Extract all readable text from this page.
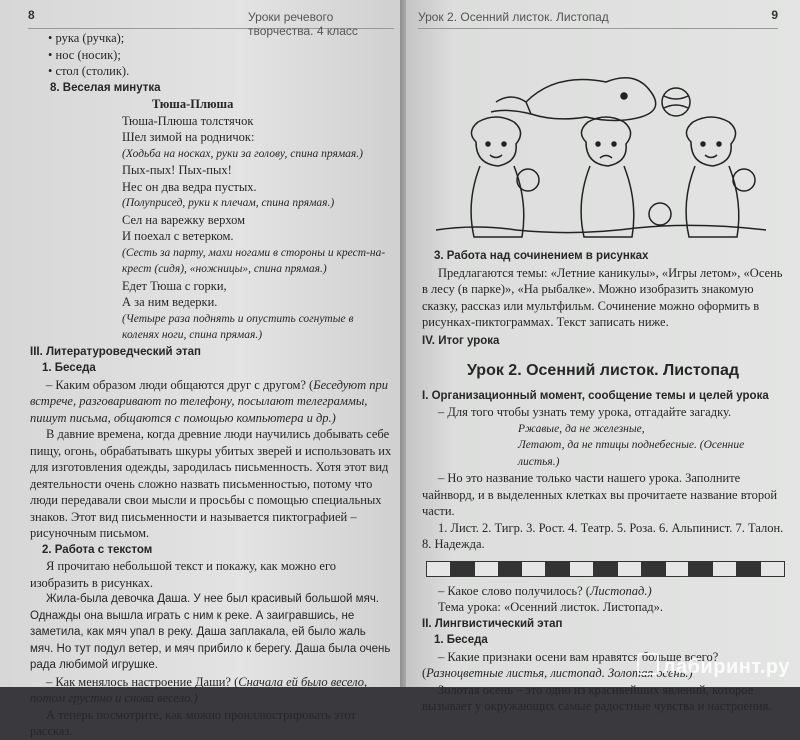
8	Уроки речевого творчества. 4 класс

• рука (ручка);

• нос (носик);

• стол (столик).

8. Веселая минутка

Тюша-Плюша

Тюша-Плюша толстячок

Шел зимой на родничок:

(Ходьба на носках, руки за голову, спина прямая.)

Пых-пых! Пых-пых!

Нес он два ведра пустых.

(Полуприсед, руки к плечам, спина прямая.)

Сел на варежку верхом

И поехал с ветерком.

(Сесть за парту, махи ногами в стороны и крест-на-крест (сидя), «ножницы», спина прямая.)

Едет Тюша с горки,

А за ним ведерки.

(Четыре раза поднять и опустить согнутые в коленях ноги, спина прямая.)

III. Литературоведческий этап

1. Беседа

– Каким образом люди общаются друг с другом? (Беседуют при встрече, разговаривают по телефону, посылают телеграммы, пишут письма, общаются с помощью компьютера и др.)

В давние времена, когда древние люди научились добывать себе пищу, огонь, обрабатывать шкуры убитых зверей и использовать их для изготовления одежды, зародилась письменность. Хотя этот вид деятельности очень сложно назвать письменностью, потому что люди передавали свои мысли и просьбы с помощью специальных знаков. Этот вид письменности и называется пиктографией – рисуночным письмом.

2. Работа с текстом

Я прочитаю небольшой текст и покажу, как можно его изобразить в рисунках.

Жила-была девочка Даша. У нее был красивый большой мяч. Однажды она вышла играть с ним к реке. А заигравшись, не заметила, как мяч упал в реку. Даша заплакала, ей было жаль мяч. Но тут подул ветер, и мяч прибило к берегу. Даша была очень рада любимой игрушке.

– Как менялось настроение Даши? (Сначала ей было весело, потом грустно и снова весело.)

А теперь посмотрите, как можно проиллюстрировать этот рассказ.

Урок 2. Осенний листок. Листопад	9

3. Работа над сочинением в рисунках

Предлагаются темы: «Летние каникулы», «Игры летом», «Осень в лесу (в парке)», «На рыбалке». Можно изобразить знакомую сказку, рассказ или мультфильм. Сочинение можно оформить в рисунках-пиктограммах. Текст записать ниже.

IV. Итог урока

Урок 2. Осенний листок. Листопад

I. Организационный момент, сообщение темы и целей урока

– Для того чтобы узнать тему урока, отгадайте загадку.

Ржавые, да не железные,

Летают, да не птицы поднебесные. (Осенние листья.)

– Но это название только части нашего урока. Заполните чайнворд, и в выделенных клетках вы прочитаете название второй части.

1. Лист. 2. Тигр. 3. Рост. 4. Театр. 5. Роза. 6. Альпинист. 7. Талон. 8. Надежда.

– Какое слово получилось? (Листопад.)

Тема урока: «Осенний листок. Листопад».

II. Лингвистический этап

1. Беседа

– Какие признаки осени вам нравятся больше всего? (Разноцветные листья, листопад. Золотая осень.)

Золотая осень – это одно из красивейших явлений, которое вызывает у окружающих самые радостные чувства и настроения.

лабиринт.ру
